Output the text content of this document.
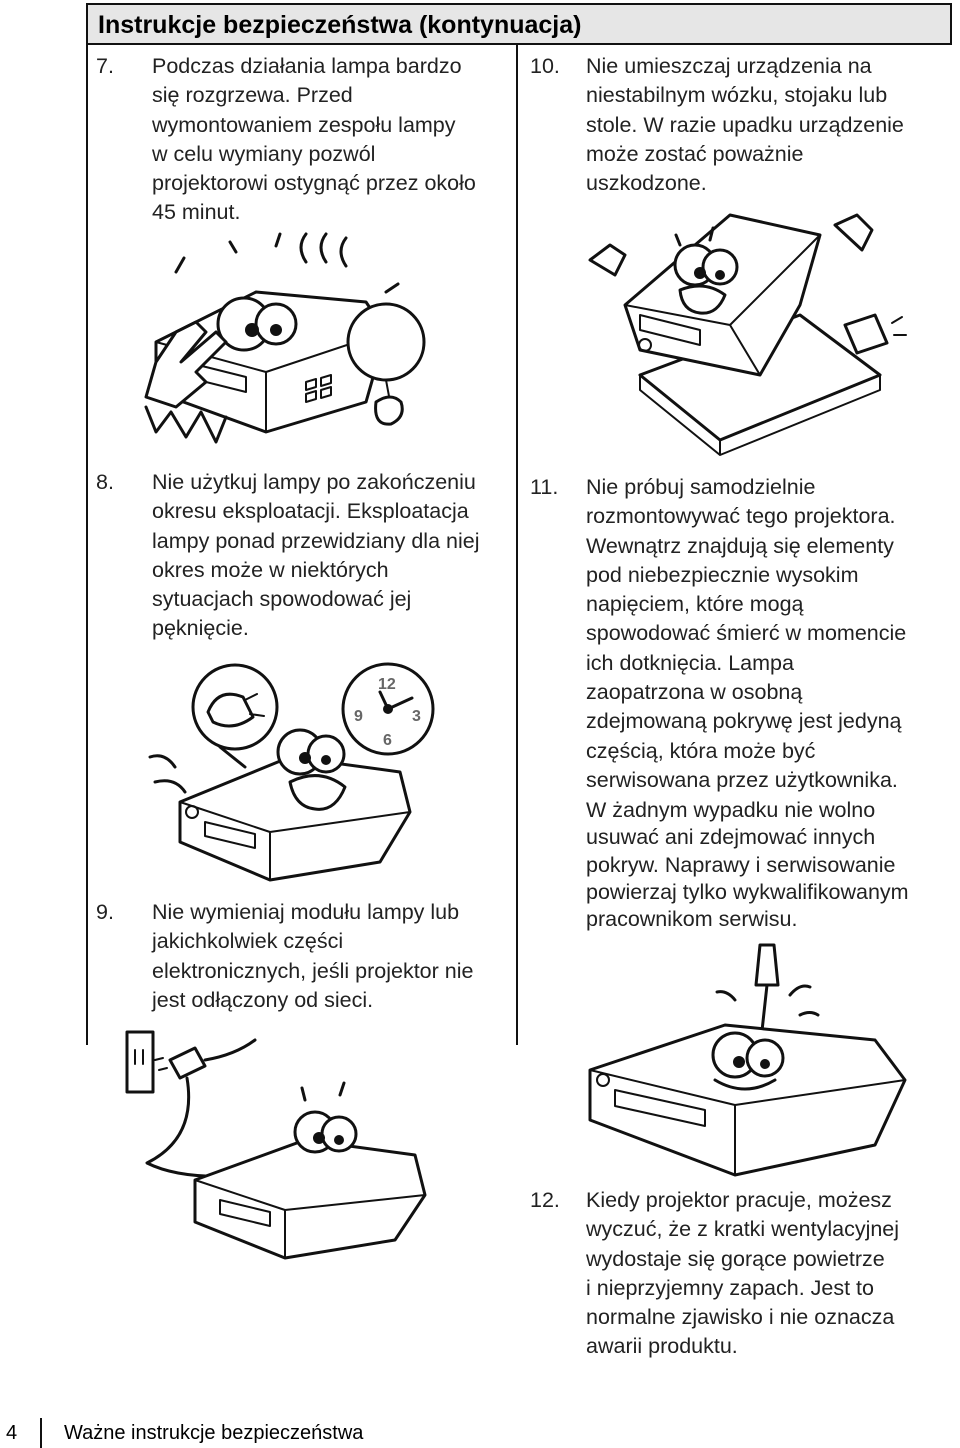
Instrukcje bezpieczeństwa (kontynuacja)
7. Podczas działania lampa bardzo
się rozgrzewa. Przed
wymontowaniem zespołu lampy
w celu wymiany pozwól
projektorowi ostygnąć przez około
45 minut.
8. Nie użytkuj lampy po zakończeniu
okresu eksploatacji. Eksploatacja
lampy ponad przewidziany dla niej
okres może w niektórych
sytuacjach spowodować jej
pęknięcie.
12
3
6
9
9. Nie wymieniaj modułu lampy lub
jakichkolwiek części
elektronicznych, jeśli projektor nie
jest odłączony od sieci.
10. Nie umieszczaj urządzenia na
niestabilnym wózku, stojaku lub
stole. W razie upadku urządzenie
może zostać poważnie
uszkodzone.
11. Nie próbuj samodzielnie
rozmontowywać tego projektora.
Wewnątrz znajdują się elementy
pod niebezpiecznie wysokim
napięciem, które mogą
spowodować śmierć w momencie
ich dotknięcia. Lampa
zaopatrzona w osobną
zdejmowaną pokrywę jest jedyną
częścią, która może być
serwisowana przez użytkownika.
W żadnym wypadku nie wolno
usuwać ani zdejmować innych
pokryw. Naprawy i serwisowanie
powierzaj tylko wykwalifikowanym
pracownikom serwisu.
12. Kiedy projektor pracuje, możesz
wyczuć, że z kratki wentylacyjnej
wydostaje się gorące powietrze
i nieprzyjemny zapach. Jest to
normalne zjawisko i nie oznacza
awarii produktu.
4 Ważne instrukcje bezpieczeństwa
